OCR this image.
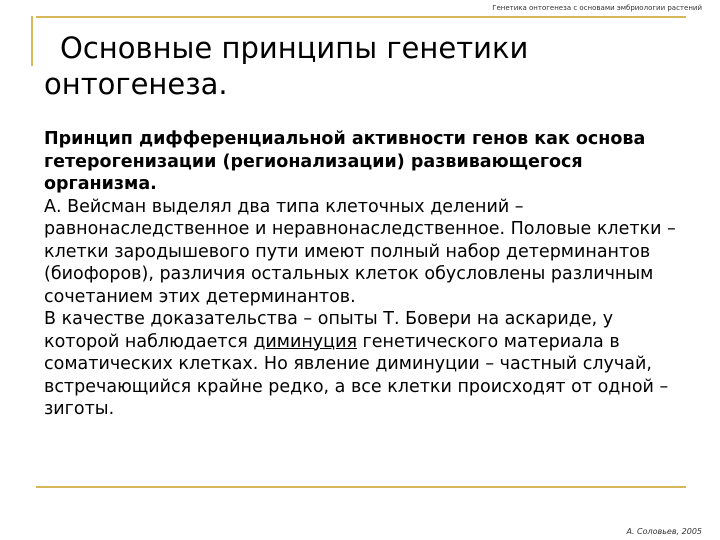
Генетика онтогенеза с основами эмбриологии растений
Основные принципы генетики
онтогенеза.

Принцип дифференциальной активности генов как основа гетерогенизации (регионализации) развивающегося организма.

А. Вейсман выделял два типа клеточных делений – равнонаследственное и неравнонаследственное. Половые клетки – клетки зародышевого пути имеют полный набор детерминантов (биофоров), различия остальных клеток обусловлены различным сочетанием этих детерминантов.

В качестве доказательства – опыты Т. Бовери на аскариде, у которой наблюдается диминуция генетического материала в соматических клетках. Но явление диминуции – частный случай, встречающийся крайне редко, а все клетки происходят от одной – зиготы.

А. Соловьев, 2005
